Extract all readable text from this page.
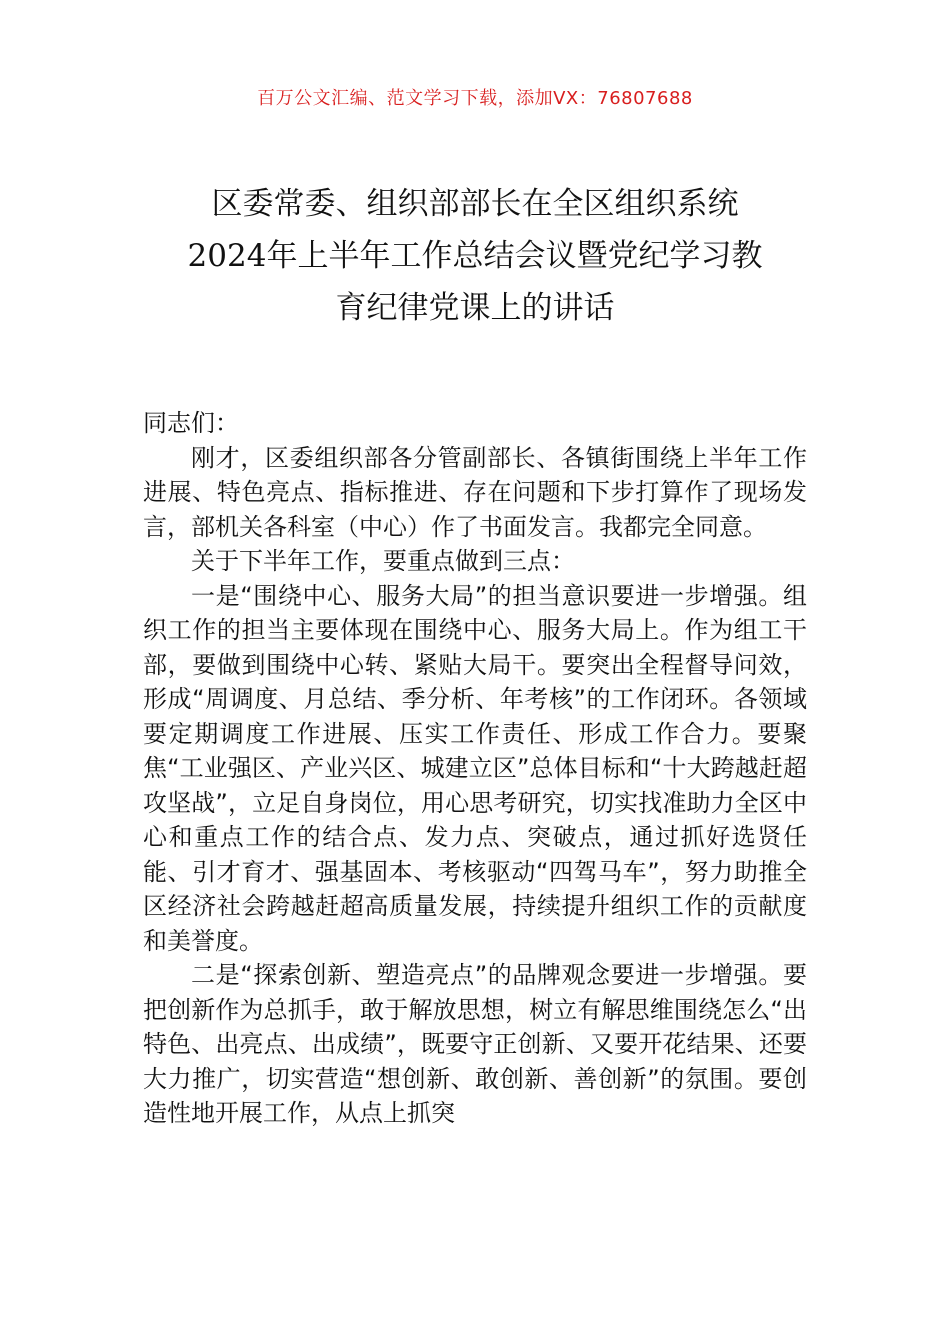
百万公文汇编、范文学习下载，添加VX：76807688
区委常委、组织部部长在全区组织系统
2024年上半年工作总结会议暨党纪学习教
育纪律党课上的讲话

同志们：

刚才，区委组织部各分管副部长、各镇街围绕上半年工作进展、特色亮点、指标推进、存在问题和下步打算作了现场发言，部机关各科室（中心）作了书面发言。我都完全同意。

关于下半年工作，要重点做到三点：

一是“围绕中心、服务大局”的担当意识要进一步增强。组织工作的担当主要体现在围绕中心、服务大局上。作为组工干部，要做到围绕中心转、紧贴大局干。要突出全程督导问效，形成“周调度、月总结、季分析、年考核”的工作闭环。各领域要定期调度工作进展、压实工作责任、形成工作合力。要聚焦“工业强区、产业兴区、城建立区”总体目标和“十大跨越赶超攻坚战”，立足自身岗位，用心思考研究，切实找准助力全区中心和重点工作的结合点、发力点、突破点，通过抓好选贤任能、引才育才、强基固本、考核驱动“四驾马车”，努力助推全区经济社会跨越赶超高质量发展，持续提升组织工作的贡献度和美誉度。

二是“探索创新、塑造亮点”的品牌观念要进一步增强。要把创新作为总抓手，敢于解放思想，树立有解思维围绕怎么“出特色、出亮点、出成绩”，既要守正创新、又要开花结果、还要大力推广，切实营造“想创新、敢创新、善创新”的氛围。要创造性地开展工作，从点上抓突
